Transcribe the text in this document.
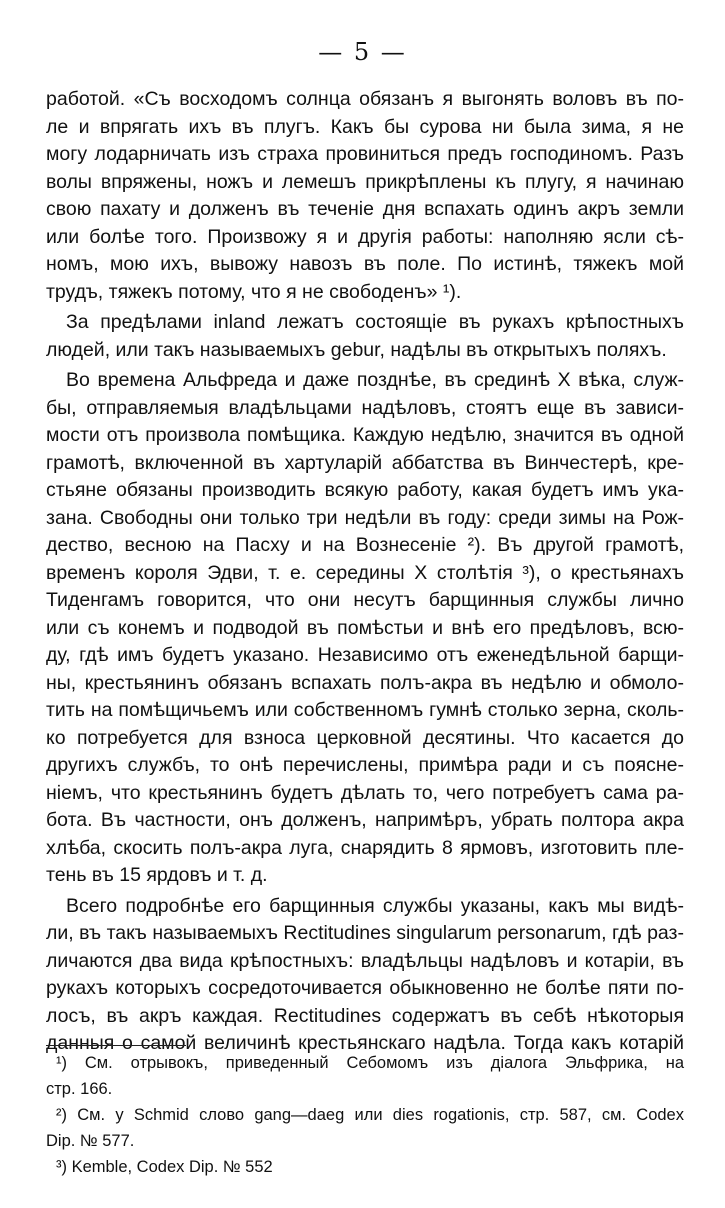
— 5 —
работой. «Съ восходомъ солнца обязанъ я выгонять воловъ въ по-
ле и впрягать ихъ въ плугъ. Какъ бы сурова ни была зима, я не
могу лодарничать изъ страха провиниться предъ господиномъ. Разъ
волы впряжены, ножъ и лемешъ прикрѣплены къ плугу, я начинаю
свою пахату и долженъ въ теченіе дня вспахать одинъ акръ земли
или болѣе того. Произвожу я и другія работы: наполняю ясли сѣ-
номъ, мою ихъ, вывожу навозъ въ поле. По истинѣ, тяжекъ мой
трудъ, тяжекъ потому, что я не свободенъ» ¹).
За предѣлами inland лежатъ состоящіе въ рукахъ крѣпостныхъ
людей, или такъ называемыхъ gebur, надѣлы въ открытыхъ поляхъ.
Во времена Альфреда и даже позднѣе, въ срединѣ X вѣка, служ-
бы, отправляемыя владѣльцами надѣловъ, стоятъ еще въ зависи-
мости отъ произвола помѣщика. Каждую недѣлю, значится въ одной
грамотѣ, включенной въ хартуларій аббатства въ Винчестерѣ, кре-
стьяне обязаны производить всякую работу, какая будетъ имъ ука-
зана. Свободны они только три недѣли въ году: среди зимы на Рож-
дество, весною на Пасху и на Вознесеніе ²). Въ другой грамотѣ,
временъ короля Эдви, т. е. середины X столѣтія ³), о крестьянахъ
Тиденгамъ говорится, что они несутъ барщинныя службы лично
или съ конемъ и подводой въ помѣстьи и внѣ его предѣловъ, всю-
ду, гдѣ имъ будетъ указано. Независимо отъ еженедѣльной барщи-
ны, крестьянинъ обязанъ вспахать полъ-акра въ недѣлю и обмоло-
тить на помѣщичьемъ или собственномъ гумнѣ столько зерна, сколь-
ко потребуется для взноса церковной десятины. Что касается до
другихъ службъ, то онѣ перечислены, примѣра ради и съ поясне-
ніемъ, что крестьянинъ будетъ дѣлать то, чего потребуетъ сама ра-
бота. Въ частности, онъ долженъ, напримѣръ, убрать полтора акра
хлѣба, скосить полъ-акра луга, снарядить 8 ярмовъ, изготовить пле-
тень въ 15 ярдовъ и т. д.
Всего подробнѣе его барщинныя службы указаны, какъ мы видѣ-
ли, въ такъ называемыхъ Rectitudines singularum personarum, гдѣ раз-
личаются два вида крѣпостныхъ: владѣльцы надѣловъ и котаріи, въ
рукахъ которыхъ сосредоточивается обыкновенно не болѣе пяти по-
лосъ, въ акръ каждая. Rectitudines содержатъ въ себѣ нѣкоторыя
данныя о самой величинѣ крестьянскаго надѣла. Тогда какъ котарій
¹) См. отрывокъ, приведенный Себомомъ изъ діалога Эльфрика, на
стр. 166.
²) См. у Schmid слово gang—daeg или dies rogationis, стр. 587, см. Codex
Dip. № 577.
³) Kemble, Codex Dip. № 552
